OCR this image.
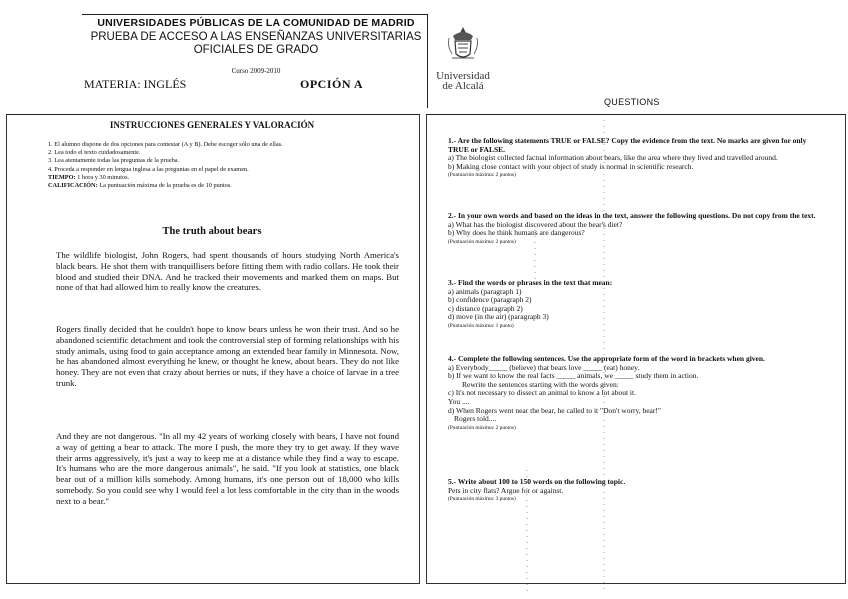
UNIVERSIDADES PÚBLICAS DE LA COMUNIDAD DE MADRID
PRUEBA DE ACCESO A LAS ENSEÑANZAS UNIVERSITARIAS
OFICIALES DE GRADO
Curso 2009-2010
MATERIA: INGLÉS	OPCIÓN A
Universidad
de Alcalá
QUESTIONS
INSTRUCCIONES GENERALES Y VALORACIÓN
1. El alumno dispone de dos opciones para contestar (A y B). Debe escoger sólo una de ellas.
2. Lea todo el texto cuidadosamente.
3. Lea atentamente todas las preguntas de la prueba.
4. Proceda a responder en lengua inglesa a las preguntas en el papel de examen.
TIEMPO: 1 hora y 30 minutos.
CALIFICACIÓN: La puntuación máxima de la prueba es de 10 puntos.
The truth about bears
The wildlife biologist, John Rogers, had spent thousands of hours studying North America's black bears. He shot them with tranquillisers before fitting them with radio collars. He took their blood and studied their DNA. And he tracked their movements and marked them on maps. But none of that had allowed him to really know the creatures.
Rogers finally decided that he couldn't hope to know bears unless he won their trust. And so he abandoned scientific detachment and took the controversial step of forming relationships with his study animals, using food to gain acceptance among an extended bear family in Minnesota. Now, he has abandoned almost everything he knew, or thought he knew, about bears. They do not like honey. They are not even that crazy about berries or nuts, if they have a choice of larvae in a tree trunk.
And they are not dangerous. "In all my 42 years of working closely with bears, I have not found a way of getting a bear to attack. The more I push, the more they try to get away. If they wave their arms aggressively, it's just a way to keep me at a distance while they find a way to escape. It's humans who are the more dangerous animals", he said. "If you look at statistics, one black bear out of a million kills somebody. Among humans, it's one person out of 18,000 who kills somebody. So you could see why I would feel a lot less comfortable in the city than in the woods next to a bear."
1.- Are the following statements TRUE or FALSE? Copy the evidence from the text. No marks are given for only TRUE or FALSE.
a) The biologist collected factual information about bears, like the area where they lived and travelled around.
b) Making close contact with your object of study is normal in scientific research.
(Puntuación máxima: 2 puntos)
2.- In your own words and based on the ideas in the text, answer the following questions. Do not copy from the text.
a) What has the biologist discovered about the bear's diet?
b) Why does he think humans are dangerous?
(Puntuación máxima: 2 puntos)
3.- Find the words or phrases in the text that mean:
a) animals (paragraph 1)
b) confidence (paragraph 2)
c) distance (paragraph 2)
d) move (in the air) (paragraph 3)
(Puntuación máxima: 1 punto)
4.- Complete the following sentences. Use the appropriate form of the word in brackets when given.
a) Everybody_____ (believe) that bears love _____ (eat) honey.
b) If we want to know the real facts _____ animals, we _____ study them in action.
Rewrite the sentences starting with the words given:
c) It's not necessary to dissect an animal to know a lot about it.
You ....
d) When Rogers went near the bear, he called to it "Don't worry, bear!"
Rogers told....
(Puntuación máxima: 2 puntos)
5.- Write about 100 to 150 words on the following topic.
Pets in city flats? Argue for or against.
(Puntuación máxima: 3 puntos)
